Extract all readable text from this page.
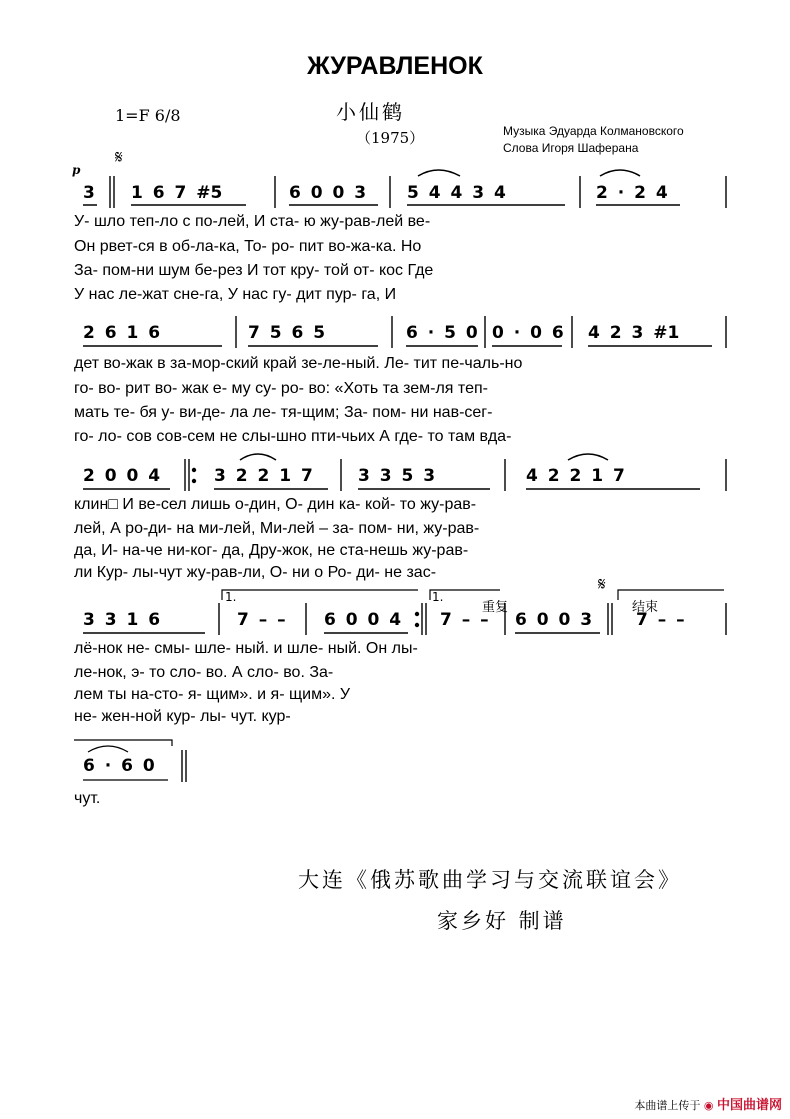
ЖУРАВЛЕНОК
小仙鹤
（1975）
1=F 6/8
Музыка Эдуарда Колмановского
Слова Игоря Шаферана
p
𝄋
3 1 6 7 #5	6 0 0 3 5 4 4 3 4	2 · 2 4
У- шло теп-ло с по-лей, И ста- ю жу-рав-лей ве-
Он рвет-ся в об-ла-ка, То- ро- пит во-жа-ка. Но
За- пом-ни шум бе-рез И тот кру- той от- кос Где
У нас ле-жат сне-га, У нас гу- дит пур- га, И
2 6 1 6	7 5 6 5	6 · 5 0 0 · 0 6 4 2 3 #1
дет во-жак в за-мор-ский край зе-ле-ный. Ле- тит пе-чаль-но
го- во- рит во- жак е- му су- ро- во: «Хоть та зем-ля теп-
мать те- бя у- ви-де- ла ле- тя-щим; За- пом- ни нав-сег-
го- ло- сов сов-сем не слы-шно пти-чьих А где- то там вда-
2 0 0 4	3 2 2 1 7	3 3 5 3	4 2 2 1 7
клин□ И ве-сел лишь о-дин, О- дин ка- кой- то жу-рав-
лей, А ро-ди- на ми-лей, Ми-лей – за- пом- ни, жу-рав-
да, И- на-че ни-ког- да, Дру-жок, не ста-нешь жу-рав-
ли Кур- лы-чут жу-рав-ли, О- ни о Ро- ди- не зас-
1.	1.
重复
𝄋
结束
3 3 1 6	7 – – 6 0 0 4 7 – – 6 0 0 3	7 – –
лё-нок не- смы- шле- ный. и шле- ный. Он лы-
ле-нок, э- то сло- во. А сло- во. За-
лем ты на-сто- я- щим». и я- щим». У
не- жен-ной кур- лы- чут. кур-
6 · 6 0
чут.
大连《俄苏歌曲学习与交流联谊会》
家乡好 制谱
本曲谱上传于 ◉ 中国曲谱网
